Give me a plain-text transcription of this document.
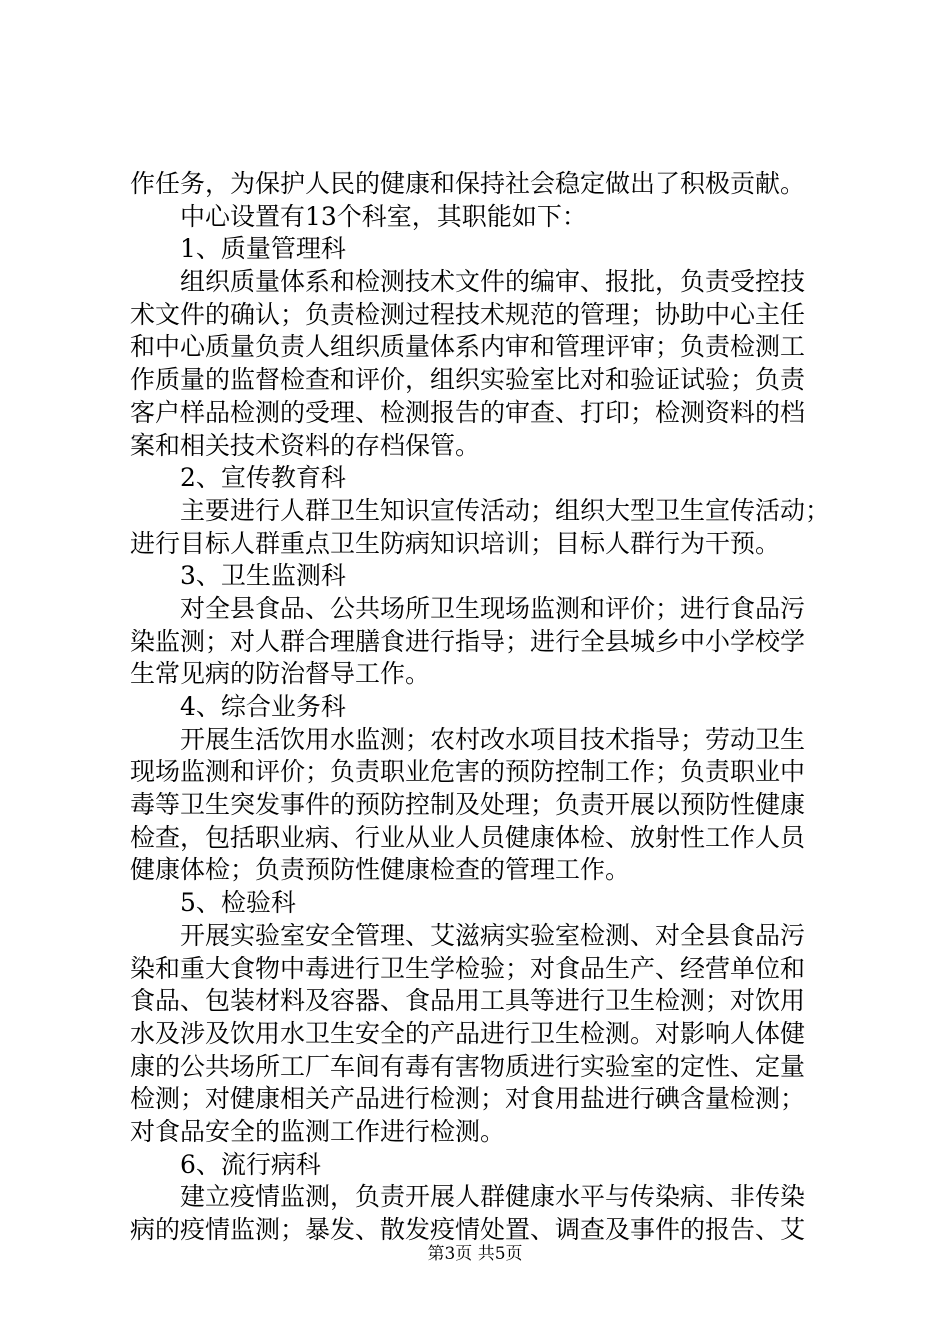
作任务，为保护人民的健康和保持社会稳定做出了积极贡献。
中心设置有13个科室，其职能如下：
1、质量管理科
组织质量体系和检测技术文件的编审、报批，负责受控技
术文件的确认；负责检测过程技术规范的管理；协助中心主任
和中心质量负责人组织质量体系内审和管理评审；负责检测工
作质量的监督检查和评价，组织实验室比对和验证试验；负责
客户样品检测的受理、检测报告的审查、打印；检测资料的档
案和相关技术资料的存档保管。
2、宣传教育科
主要进行人群卫生知识宣传活动；组织大型卫生宣传活动；
进行目标人群重点卫生防病知识培训；目标人群行为干预。
3、卫生监测科
对全县食品、公共场所卫生现场监测和评价；进行食品污
染监测；对人群合理膳食进行指导；进行全县城乡中小学校学
生常见病的防治督导工作。
4、综合业务科
开展生活饮用水监测；农村改水项目技术指导；劳动卫生
现场监测和评价；负责职业危害的预防控制工作；负责职业中
毒等卫生突发事件的预防控制及处理；负责开展以预防性健康
检查，包括职业病、行业从业人员健康体检、放射性工作人员
健康体检；负责预防性健康检查的管理工作。
5、检验科
开展实验室安全管理、艾滋病实验室检测、对全县食品污
染和重大食物中毒进行卫生学检验；对食品生产、经营单位和
食品、包装材料及容器、食品用工具等进行卫生检测；对饮用
水及涉及饮用水卫生安全的产品进行卫生检测。对影响人体健
康的公共场所工厂车间有毒有害物质进行实验室的定性、定量
检测；对健康相关产品进行检测；对食用盐进行碘含量检测；
对食品安全的监测工作进行检测。
6、流行病科
建立疫情监测，负责开展人群健康水平与传染病、非传染
病的疫情监测；暴发、散发疫情处置、调查及事件的报告、艾
第3页 共5页
